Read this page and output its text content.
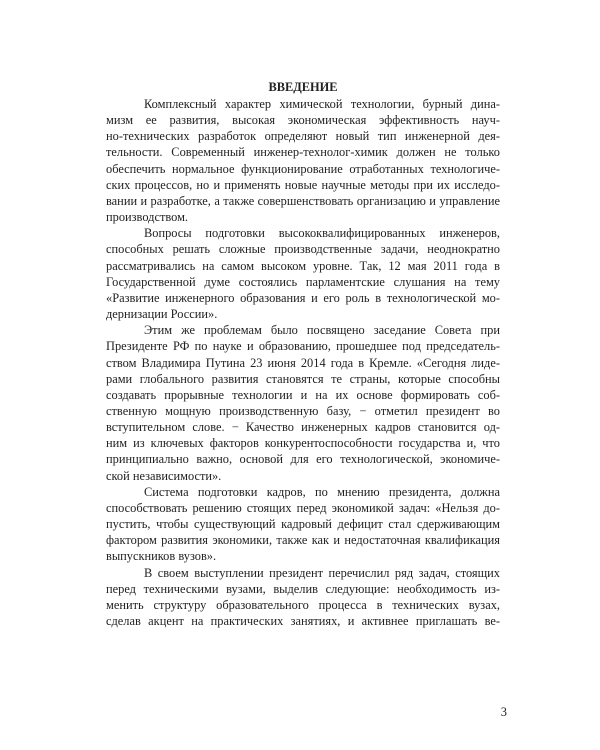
ВВЕДЕНИЕ
Комплексный характер химической технологии, бурный дина-
мизм ее развития, высокая экономическая эффективность науч-
но-технических разработок определяют новый тип инженерной дея-
тельности. Современный инженер-технолог-химик должен не только
обеспечить нормальное функционирование отработанных технологиче-
ских процессов, но и применять новые научные методы при их исследо-
вании и разработке, а также совершенствовать организацию и управление
производством.
Вопросы подготовки высококвалифицированных инженеров,
способных решать сложные производственные задачи, неоднократно
рассматривались на самом высоком уровне. Так, 12 мая 2011 года в
Государственной думе состоялись парламентские слушания на тему
«Развитие инженерного образования и его роль в технологической мо-
дернизации России».
Этим же проблемам было посвящено заседание Совета при
Президенте РФ по науке и образованию, прошедшее под председатель-
ством Владимира Путина 23 июня 2014 года в Кремле. «Сегодня лиде-
рами глобального развития становятся те страны, которые способны
создавать прорывные технологии и на их основе формировать соб-
ственную мощную производственную базу, − отметил президент во
вступительном слове. − Качество инженерных кадров становится од-
ним из ключевых факторов конкурентоспособности государства и, что
принципиально важно, основой для его технологической, экономиче-
ской независимости».
Система подготовки кадров, по мнению президента, должна
способствовать решению стоящих перед экономикой задач: «Нельзя до-
пустить, чтобы существующий кадровый дефицит стал сдерживающим
фактором развития экономики, также как и недостаточная квалификация
выпускников вузов».
В своем выступлении президент перечислил ряд задач, стоящих
перед техническими вузами, выделив следующие: необходимость из-
менить структуру образовательного процесса в технических вузах,
сделав акцент на практических занятиях, и активнее приглашать ве-
3
